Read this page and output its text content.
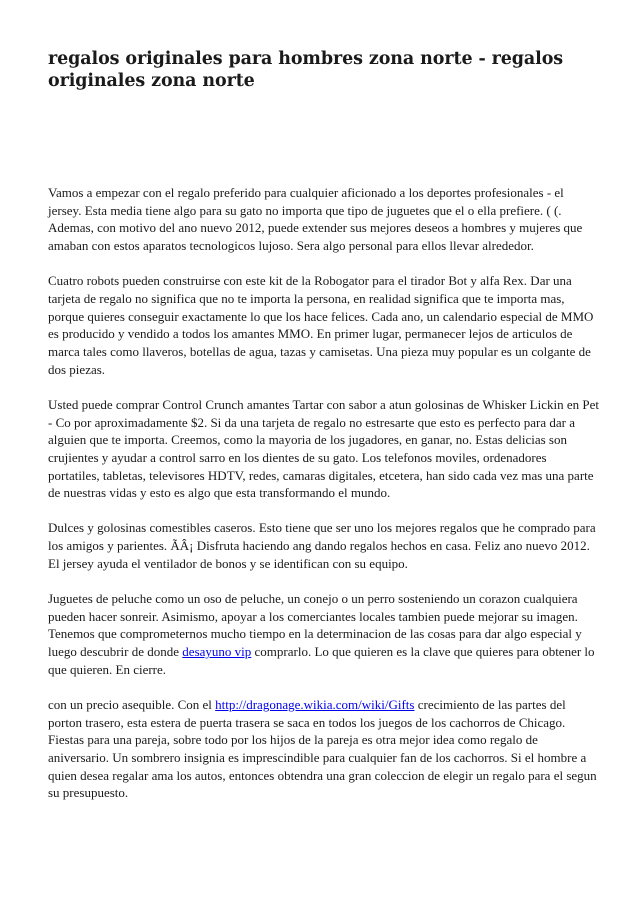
regalos originales para hombres zona norte - regalos originales zona norte

Vamos a empezar con el regalo preferido para cualquier aficionado a los deportes profesionales - el jersey. Esta media tiene algo para su gato no importa que tipo de juguetes que el o ella prefiere. ( (. Ademas, con motivo del ano nuevo 2012, puede extender sus mejores deseos a hombres y mujeres que amaban con estos aparatos tecnologicos lujoso. Sera algo personal para ellos llevar alrededor.

Cuatro robots pueden construirse con este kit de la Robogator para el tirador Bot y alfa Rex. Dar una tarjeta de regalo no significa que no te importa la persona, en realidad significa que te importa mas, porque quieres conseguir exactamente lo que los hace felices. Cada ano, un calendario especial de MMO es producido y vendido a todos los amantes MMO. En primer lugar, permanecer lejos de articulos de marca tales como llaveros, botellas de agua, tazas y camisetas. Una pieza muy popular es un colgante de dos piezas.

Usted puede comprar Control Crunch amantes Tartar con sabor a atun golosinas de Whisker Lickin en Pet - Co por aproximadamente $2. Si da una tarjeta de regalo no estresarte que esto es perfecto para dar a alguien que te importa. Creemos, como la mayoria de los jugadores, en ganar, no. Estas delicias son crujientes y ayudar a control sarro en los dientes de su gato. Los telefonos moviles, ordenadores portatiles, tabletas, televisores HDTV, redes, camaras digitales, etcetera, han sido cada vez mas una parte de nuestras vidas y esto es algo que esta transformando el mundo.

Dulces y golosinas comestibles caseros. Esto tiene que ser uno los mejores regalos que he comprado para los amigos y parientes. ÃÂ¡ Disfruta haciendo ang dando regalos hechos en casa. Feliz ano nuevo 2012. El jersey ayuda el ventilador de bonos y se identifican con su equipo.

Juguetes de peluche como un oso de peluche, un conejo o un perro sosteniendo un corazon cualquiera pueden hacer sonreir. Asimismo, apoyar a los comerciantes locales tambien puede mejorar su imagen. Tenemos que comprometernos mucho tiempo en la determinacion de las cosas para dar algo especial y luego descubrir de donde desayuno vip comprarlo. Lo que quieren es la clave que quieres para obtener lo que quieren. En cierre.

con un precio asequible. Con el http://dragonage.wikia.com/wiki/Gifts crecimiento de las partes del porton trasero, esta estera de puerta trasera se saca en todos los juegos de los cachorros de Chicago. Fiestas para una pareja, sobre todo por los hijos de la pareja es otra mejor idea como regalo de aniversario. Un sombrero insignia es imprescindible para cualquier fan de los cachorros. Si el hombre a quien desea regalar ama los autos, entonces obtendra una gran coleccion de elegir un regalo para el segun su presupuesto.
